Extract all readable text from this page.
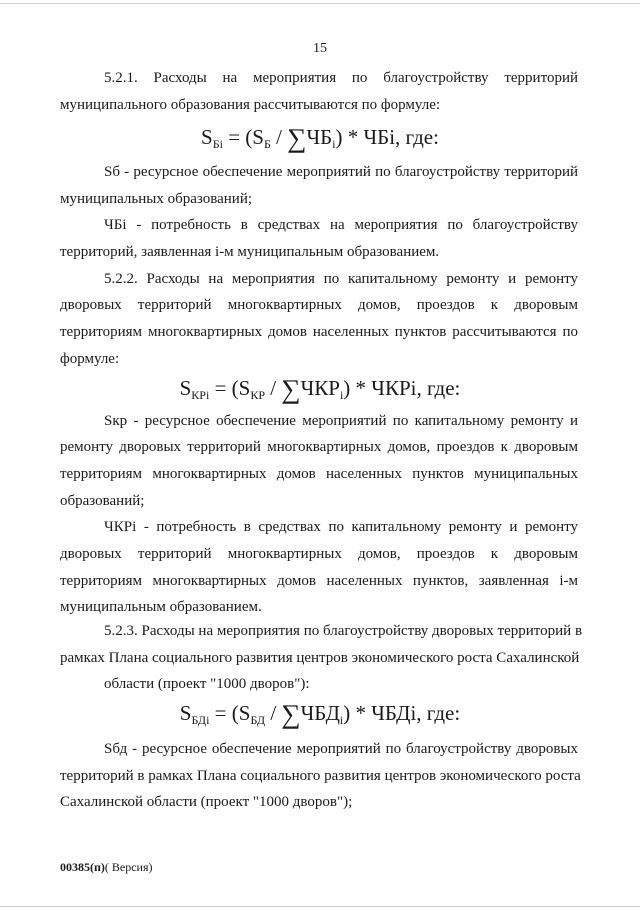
15
5.2.1. Расходы на мероприятия по благоустройству территорий
муниципального образования рассчитываются по формуле:
Sб - ресурсное обеспечение мероприятий по благоустройству территорий
муниципальных образований;
ЧБi - потребность в средствах на мероприятия по благоустройству
территорий, заявленная i-м муниципальным образованием.
5.2.2. Расходы на мероприятия по капитальному ремонту и ремонту
дворовых территорий многоквартирных домов, проездов к дворовым
территориям многоквартирных домов населенных пунктов рассчитываются по
формуле:
Sкр - ресурсное обеспечение мероприятий по капитальному ремонту и
ремонту дворовых территорий многоквартирных домов, проездов к дворовым
территориям многоквартирных домов населенных пунктов муниципальных
образований;
ЧКРi - потребность в средствах по капитальному ремонту и ремонту
дворовых территорий многоквартирных домов, проездов к дворовым
территориям многоквартирных домов населенных пунктов, заявленная i-м
муниципальным образованием.
5.2.3. Расходы на мероприятия по благоустройству дворовых территорий в
рамках Плана социального развития центров экономического роста Сахалинской
области (проект "1000 дворов"):
Sбд - ресурсное обеспечение мероприятий по благоустройству дворовых
территорий в рамках Плана социального развития центров экономического роста
Сахалинской области (проект "1000 дворов");
$S_{Бi} = (S_Б / \sum ЧБ_i)$ * ЧБi, где:
$S_{КРi} = (S_{КР} / \sum ЧКР_i)$ * ЧКРi, где:
$S_{БДi} = (S_{БД} / \sum ЧБД_i)$ * ЧБДi, где:
00385(п)( Версия)
